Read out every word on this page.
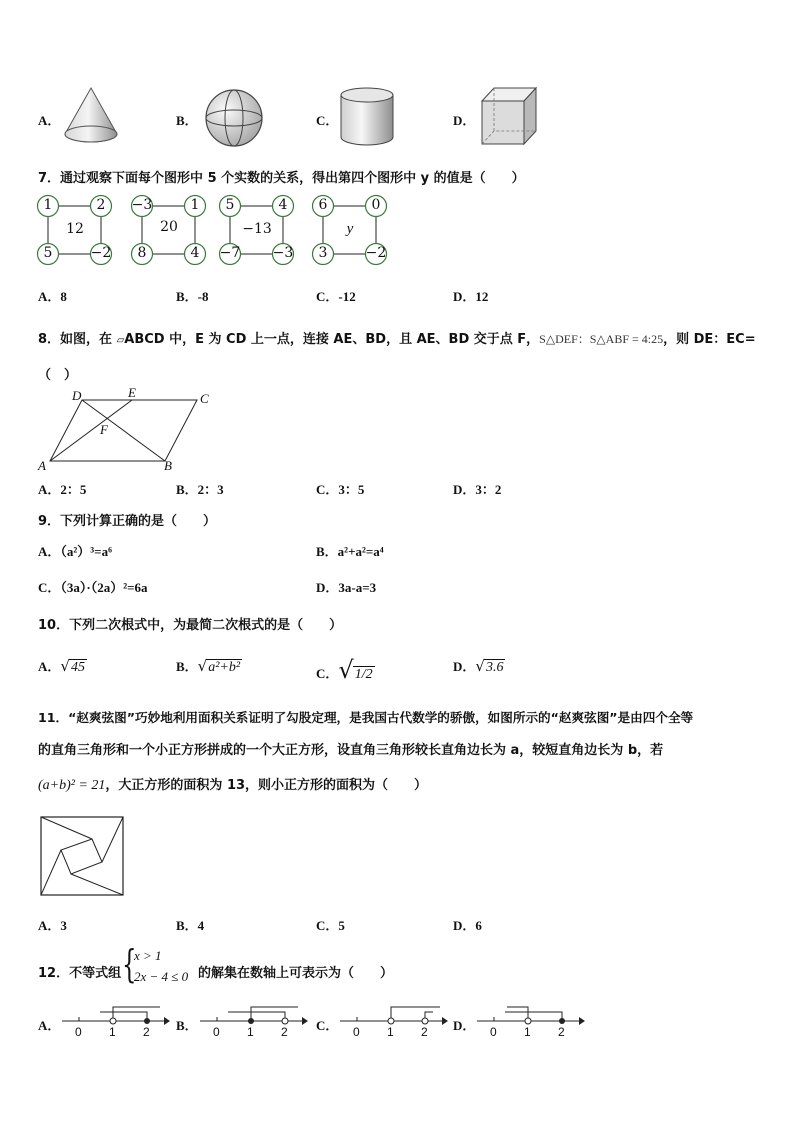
A．	B．	C．	D．
7．通过观察下面每个图形中 5 个实数的关系，得出第四个图形中 y 的值是（　　）
1	2
5	−2
12
−3	1
8	4
20
5	4
−7 −3
−13
6	0
3	−2
y
A．8	B．-8	C．-12	D．12
8．如图，在 ▱ABCD 中，E 为 CD 上一点，连接 AE、BD，且 AE、BD 交于点 F，S△DEF：S△ABF = 4:25，则 DE：EC=
（　）
D	E	C
F
A	B
A．2：5	B．2：3	C．3：5	D．3：2
9．下列计算正确的是（　　）
A．（a²）³=a⁶	B．a²+a²=a⁴
C．（3a）·（2a）²=6a	D．3a-a=3
10．下列二次根式中，为最简二次根式的是（　　）
A．√45	B．√a²+b²	C．√1/2
D．√3.6
11．“赵爽弦图”巧妙地利用面积关系证明了勾股定理，是我国古代数学的骄傲，如图所示的“赵爽弦图”是由四个全等
的直角三角形和一个小正方形拼成的一个大正方形，设直角三角形较长直角边长为 a，较短直角边长为 b，若
(a+b)² = 21，大正方形的面积为 13，则小正方形的面积为（　　）
A．3	B．4	C．5	D．6
12．不等式组 {
x > 1
2x − 4 ≤ 0 的解集在数轴上可表示为（　　）
A． 0 1 2 B． 0 1 2 C． 0 1 2 D． 0 1 2
